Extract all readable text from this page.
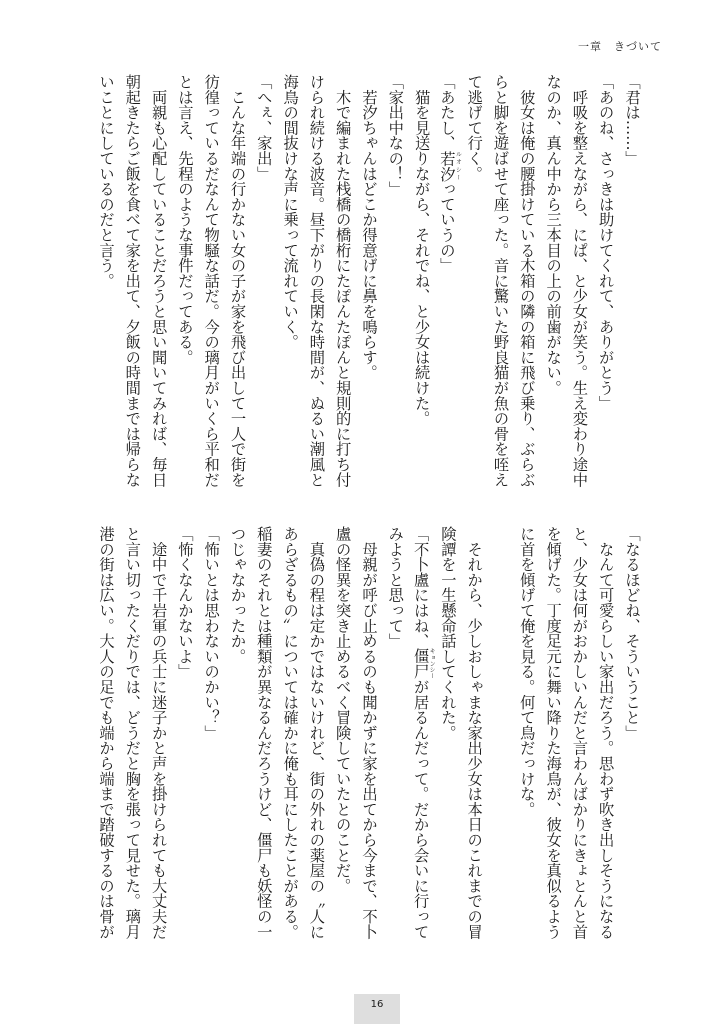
一章　きづいて
「君は……」
「あのね、さっきは助けてくれて、ありがとう」
　呼吸を整えながら、にぱ、と少女が笑う。生え変わり途中
なのか、真ん中から三本目の上の前歯がない。
　彼女は俺の腰掛けている木箱の隣の箱に飛び乗り、ぶらぶ
らと脚を遊ばせて座った。音に驚いた野良猫が魚の骨を咥え
て逃げて行く。
「あたし、若汐ルオシーっていうの」
　猫を見送りながら、それでね、と少女は続けた。
「家出中なの！」
　若汐ちゃんはどこか得意げに鼻を鳴らす。
　木で編まれた栈橋の橋桁にたぽんたぽんと規則的に打ち付
けられ続ける波音。昼下がりの長閑な時間が、ぬるい潮風と
海鳥の間抜けな声に乗って流れていく。
「へぇ、家出」
　こんな年端の行かない女の子が家を飛び出して一人で街を
彷徨っているだなんて物騒な話だ。今の璃月がいくら平和だ
とは言え、先程のような事件だってある。
　両親も心配していることだろうと思い聞いてみれば、毎日
朝起きたらご飯を食べて家を出て、夕飯の時間までは帰らな
いことにしているのだと言う。
「なるほどね、そういうこと」
　なんて可愛らしい家出だろう。思わず吹き出しそうになる
と、少女は何がおかしいんだと言わんばかりにきょとんと首
を傾げた。丁度足元に舞い降りた海鳥が、彼女を真似るよう
に首を傾げて俺を見る。何て鳥だっけな。
　それから、少しおしゃまな家出少女は本日のこれまでの冒
険譚を一生懸命話してくれた。
「不卜盧にはね、僵尸キョンシーが居るんだって。だから会いに行って
みようと思って」
　母親が呼び止めるのも聞かずに家を出てから今まで、不卜
盧の怪異を突き止めるべく冒険していたとのことだ。
　真偽の程は定かではないけれど、街の外れの薬屋の〝人に
あらざるもの〟については確かに俺も耳にしたことがある。
稲妻のそれとは種類が異なるんだろうけど、僵尸も妖怪の一
つじゃなかったか。
「怖いとは思わないのかい？」
「怖くなんかないよ」
　途中で千岩軍の兵士に迷子かと声を掛けられても大丈夫だ
と言い切ったくだりでは、どうだと胸を張って見せた。璃月
港の街は広い。大人の足でも端から端まで踏破するのは骨が
16
